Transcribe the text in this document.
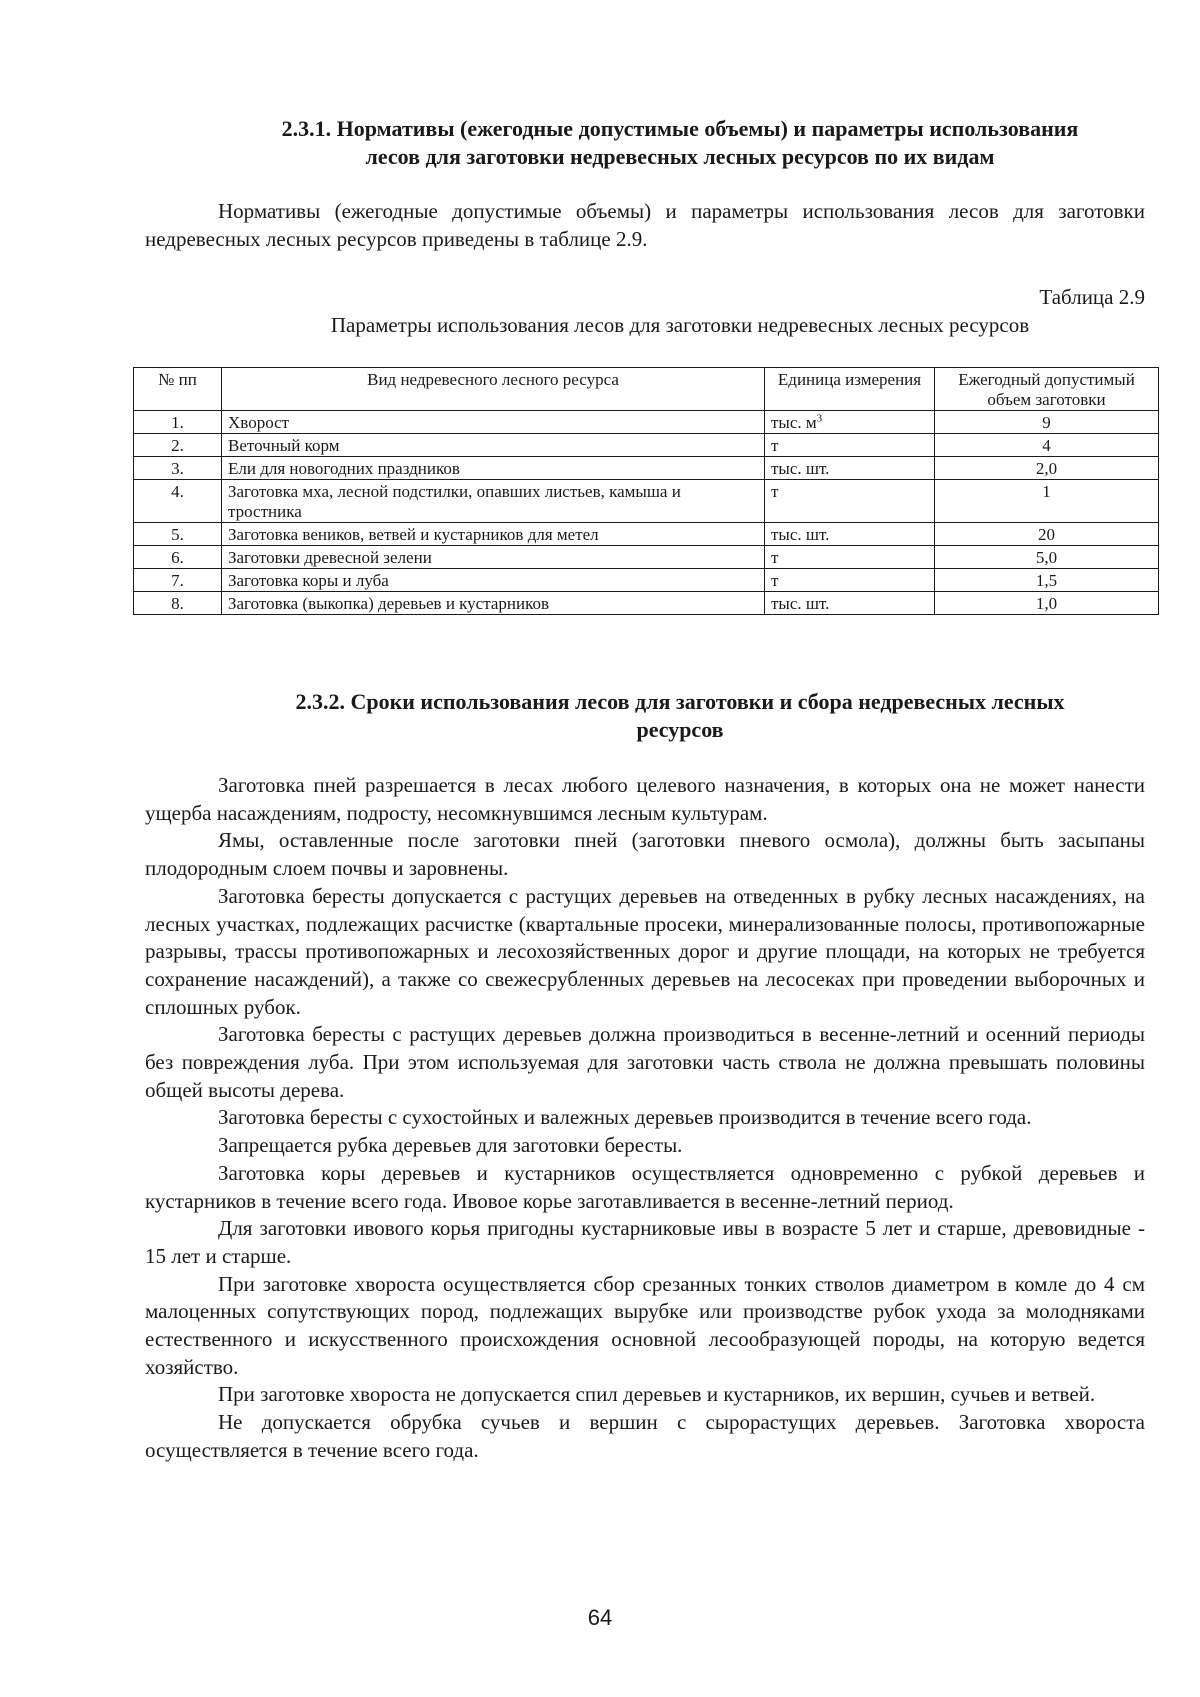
2.3.1. Нормативы (ежегодные допустимые объемы) и параметры использования
лесов для заготовки недревесных лесных ресурсов по их видам
Нормативы (ежегодные допустимые объемы) и параметры использования лесов для заготовки недревесных лесных ресурсов приведены в таблице 2.9.
Таблица 2.9
Параметры использования лесов для заготовки недревесных лесных ресурсов
№ пп	Вид недревесного лесного ресурса	Единица измерения	Ежегодный допустимый объем заготовки
1.	Хворост	тыс. $м^3$	9
2.	Веточный корм	т	4
3.	Ели для новогодних праздников	тыс. шт.	2,0
4.	Заготовка мха, лесной подстилки, опавших листьев, камыша и тростника	т	1
5.	Заготовка веников, ветвей и кустарников для метел	тыс. шт.	20
6.	Заготовки древесной зелени	т	5,0
7.	Заготовка коры и луба	т	1,5
8.	Заготовка (выкопка) деревьев и кустарников	тыс. шт.	1,0
2.3.2. Сроки использования лесов для заготовки и сбора недревесных лесных
ресурсов

Заготовка пней разрешается в лесах любого целевого назначения, в которых она не может нанести ущерба насаждениям, подросту, несомкнувшимся лесным культурам.

Ямы, оставленные после заготовки пней (заготовки пневого осмола), должны быть засыпаны плодородным слоем почвы и заровнены.

Заготовка бересты допускается с растущих деревьев на отведенных в рубку лесных насаждениях, на лесных участках, подлежащих расчистке (квартальные просеки, минерализованные полосы, противопожарные разрывы, трассы противопожарных и лесохозяйственных дорог и другие площади, на которых не требуется сохранение насаждений), а также со свежесрубленных деревьев на лесосеках при проведении выборочных и сплошных рубок.

Заготовка бересты с растущих деревьев должна производиться в весенне-летний и осенний периоды без повреждения луба. При этом используемая для заготовки часть ствола не должна превышать половины общей высоты дерева.

Заготовка бересты с сухостойных и валежных деревьев производится в течение всего года.

Запрещается рубка деревьев для заготовки бересты.

Заготовка коры деревьев и кустарников осуществляется одновременно с рубкой деревьев и кустарников в течение всего года. Ивовое корье заготавливается в весенне-летний период.

Для заготовки ивового корья пригодны кустарниковые ивы в возрасте 5 лет и старше, древовидные - 15 лет и старше.

При заготовке хвороста осуществляется сбор срезанных тонких стволов диаметром в комле до 4 см малоценных сопутствующих пород, подлежащих вырубке или производстве рубок ухода за молодняками естественного и искусственного происхождения основной лесообразующей породы, на которую ведется хозяйство.

При заготовке хвороста не допускается спил деревьев и кустарников, их вершин, сучьев и ветвей.

Не допускается обрубка сучьев и вершин с сырорастущих деревьев. Заготовка хвороста осуществляется в течение всего года.

64
